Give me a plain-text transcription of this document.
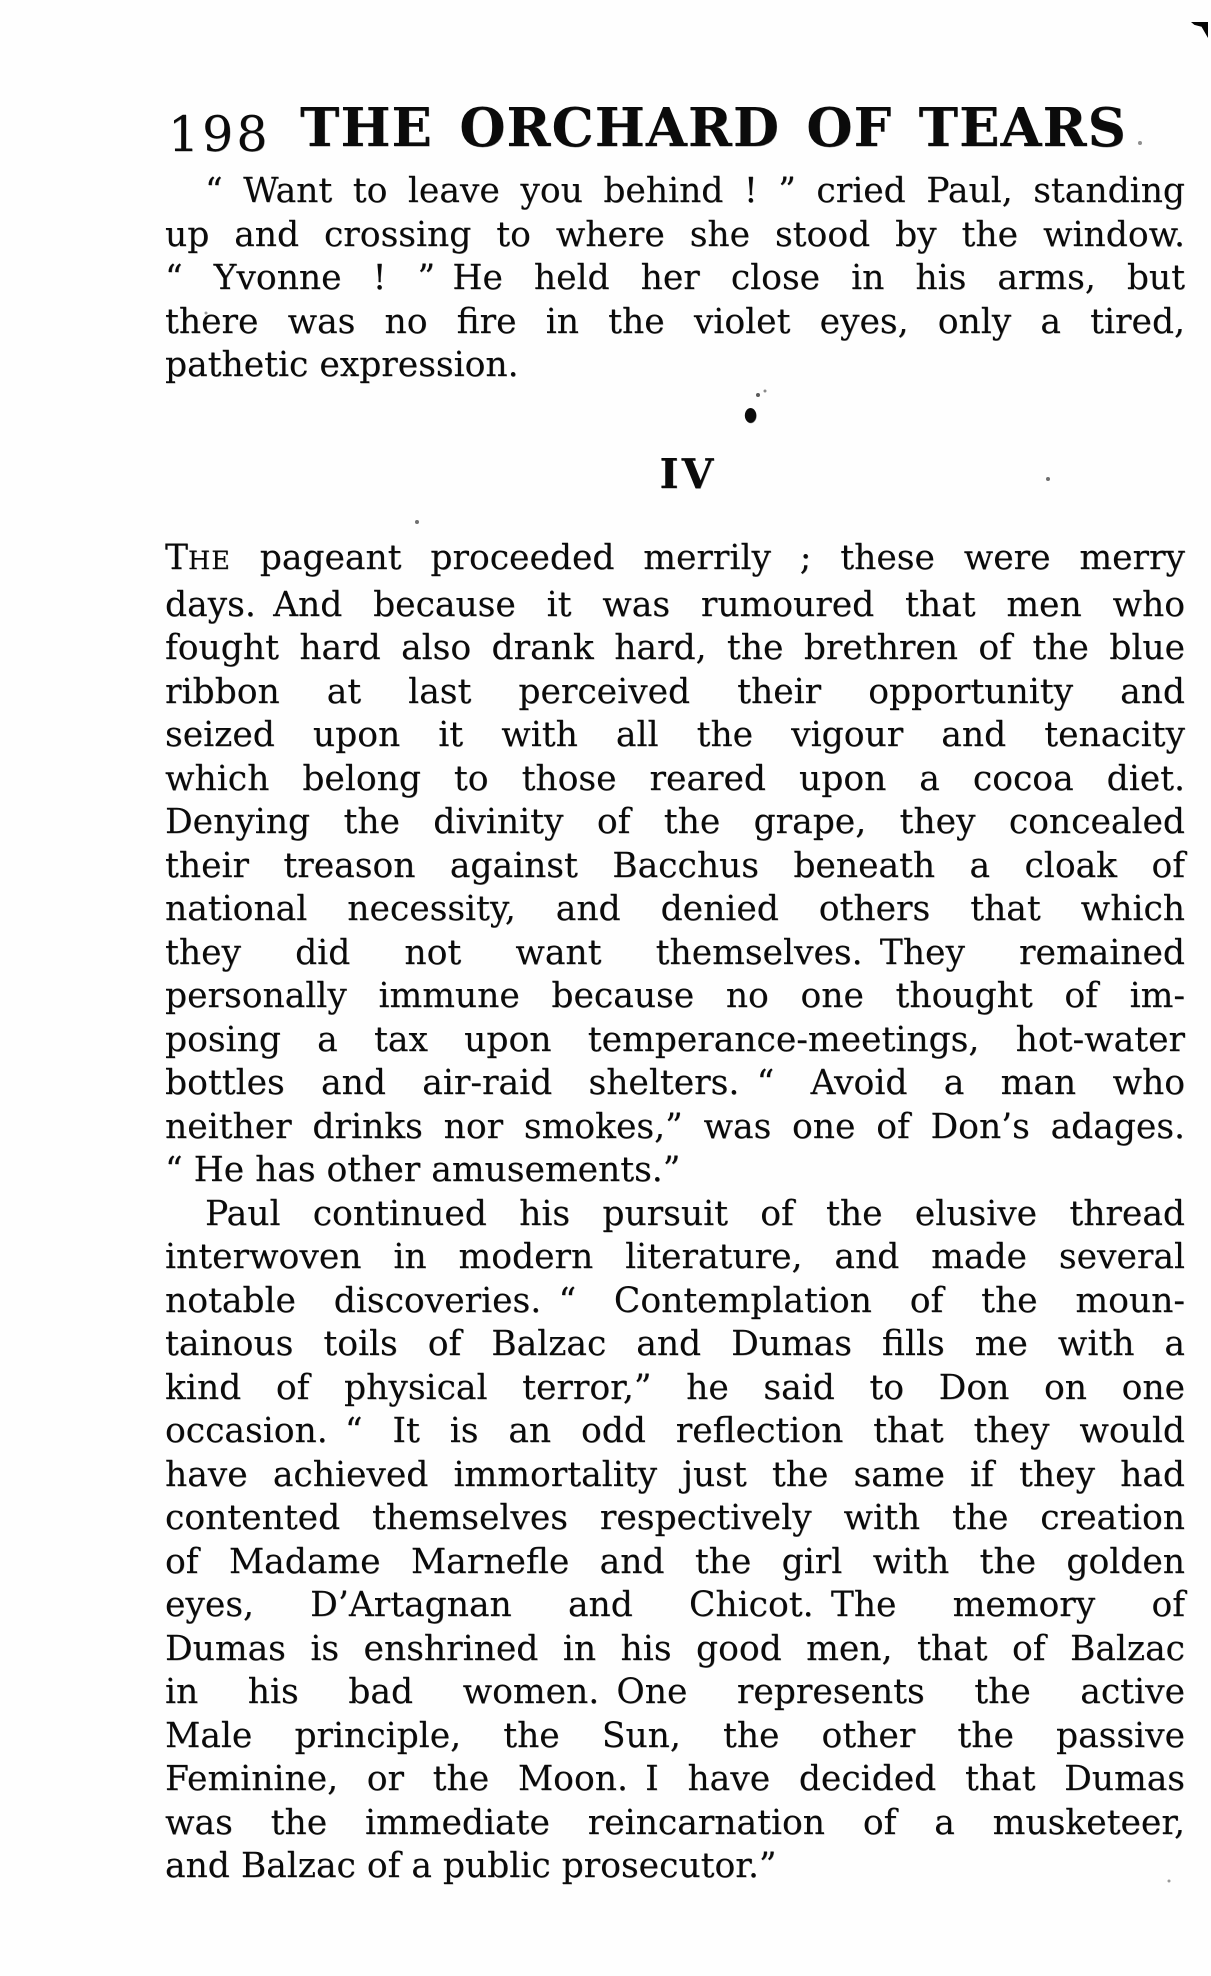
198 THE ORCHARD OF TEARS
“ Want to leave you behind ! ” cried Paul, standing
up and crossing to where she stood by the window.
“ Yvonne ! ” He held her close in his arms, but
there was no fire in the violet eyes, only a tired,
pathetic expression.
●
IV
THE pageant proceeded merrily ; these were merry
days. And because it was rumoured that men who
fought hard also drank hard, the brethren of the blue
ribbon at last perceived their opportunity and
seized upon it with all the vigour and tenacity
which belong to those reared upon a cocoa diet.
Denying the divinity of the grape, they concealed
their treason against Bacchus beneath a cloak of
national necessity, and denied others that which
they did not want themselves. They remained
personally immune because no one thought of im-
posing a tax upon temperance-meetings, hot-water
bottles and air-raid shelters. “ Avoid a man who
neither drinks nor smokes,” was one of Don’s adages.
“ He has other amusements.”
Paul continued his pursuit of the elusive thread
interwoven in modern literature, and made several
notable discoveries. “ Contemplation of the moun-
tainous toils of Balzac and Dumas fills me with a
kind of physical terror,” he said to Don on one
occasion. “ It is an odd reflection that they would
have achieved immortality just the same if they had
contented themselves respectively with the creation
of Madame Marnefle and the girl with the golden
eyes, D’Artagnan and Chicot. The memory of
Dumas is enshrined in his good men, that of Balzac
in his bad women. One represents the active
Male principle, the Sun, the other the passive
Feminine, or the Moon. I have decided that Dumas
was the immediate reincarnation of a musketeer,
and Balzac of a public prosecutor.”
